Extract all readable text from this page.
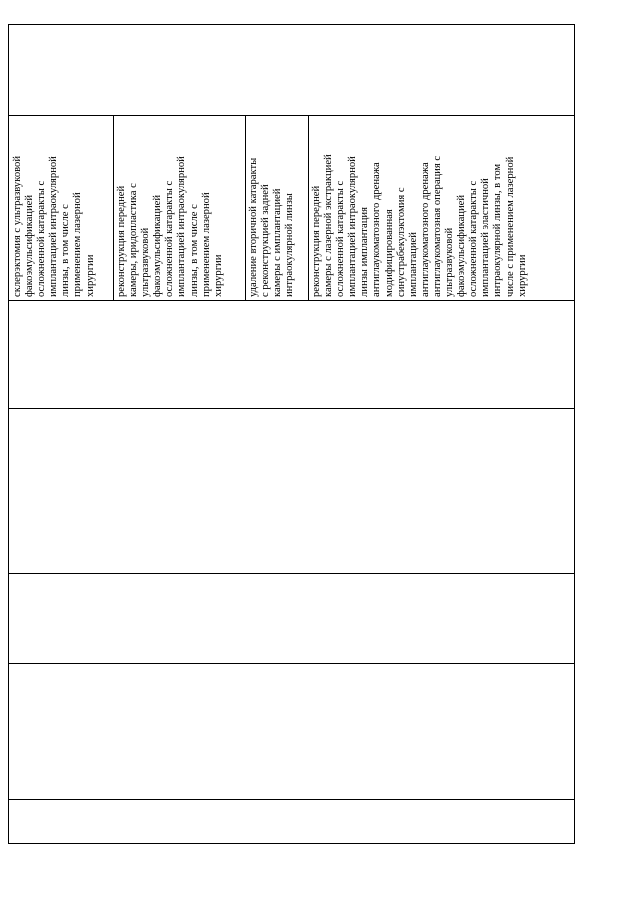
склерэктомия с ультразвуковой факоэмульсификацией осложненной катаракты с имплантацией интраокулярной линзы, в том числе с применением лазерной хирургии реконструкция передней камеры, иридопластика с ультразвуковой факоэмульсификацией осложненной катаракты с имплантацией интраокулярной линзы, в том числе с применением лазерной хирургии удаление вторичной катаракты с реконструкцией задней камеры с имплантацией интраокулярной линзы реконструкция передней камеры с лазерной экстракцией осложненной катаракты с имплантацией интраокулярной линзы имплантация антиглаукоматозного дренажа модифицированная синустрабекулэктомия с имплантацией антиглаукоматозного дренажа антиглаукоматозная операция с ультразвуковой факоэмульсификацией осложненной катаракты с имплантацией эластичной интраокулярной линзы, в том числе с применением лазерной хирургии
